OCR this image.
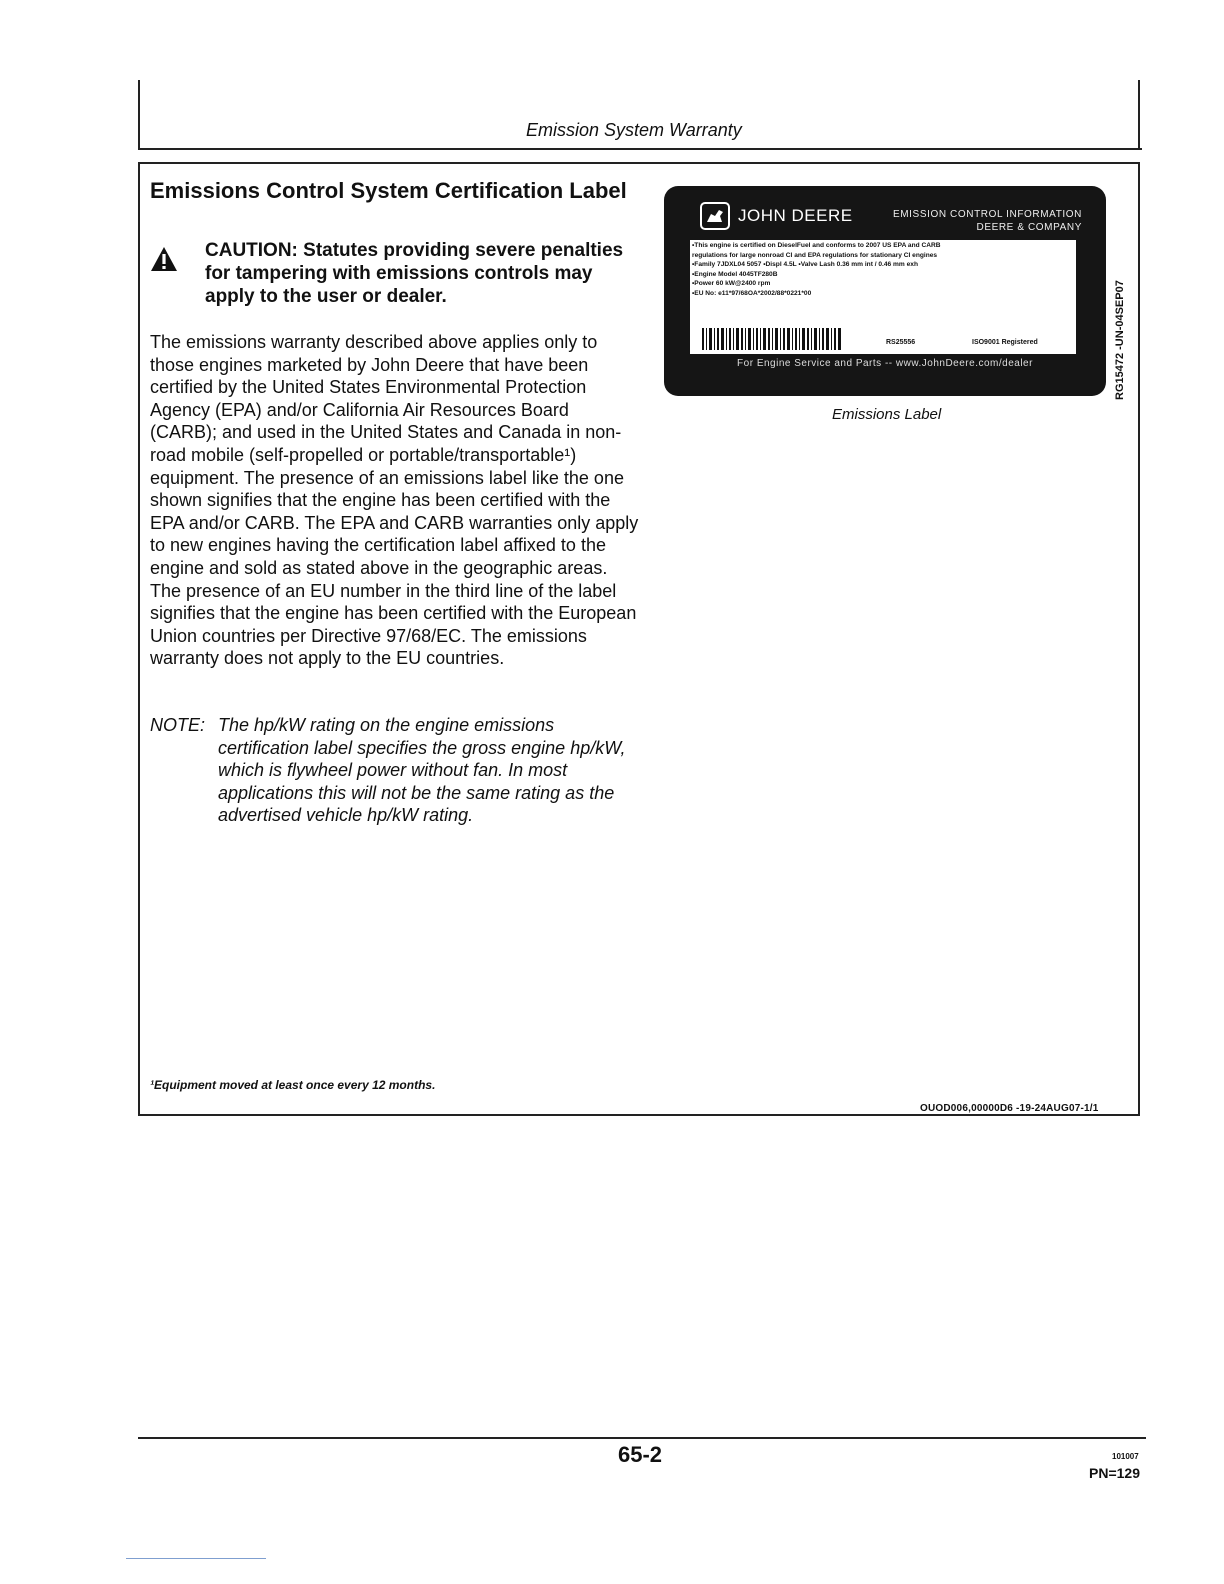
Emission System Warranty
Emissions Control System Certification Label
CAUTION: Statutes providing severe penalties for tampering with emissions controls may apply to the user or dealer.
The emissions warranty described above applies only to those engines marketed by John Deere that have been certified by the United States Environmental Protection Agency (EPA) and/or California Air Resources Board (CARB); and used in the United States and Canada in non-road mobile (self-propelled or portable/transportable¹) equipment. The presence of an emissions label like the one shown signifies that the engine has been certified with the EPA and/or CARB. The EPA and CARB warranties only apply to new engines having the certification label affixed to the engine and sold as stated above in the geographic areas. The presence of an EU number in the third line of the label signifies that the engine has been certified with the European Union countries per Directive 97/68/EC. The emissions warranty does not apply to the EU countries.
NOTE: The hp/kW rating on the engine emissions certification label specifies the gross engine hp/kW, which is flywheel power without fan. In most applications this will not be the same rating as the advertised vehicle hp/kW rating.
¹Equipment moved at least once every 12 months.
OUOD006,00000D6 -19-24AUG07-1/1
JOHN DEERE	EMISSION CONTROL INFORMATION
DEERE & COMPANY
•This engine is certified on DieselFuel and conforms to 2007 US EPA and CARB
regulations for large nonroad CI and EPA regulations for stationary CI engines
•Family 7JDXL04 5057 •Displ 4.5L •Valve Lash 0.36 mm int / 0.46 mm exh
•Engine Model 4045TF280B
•Power 60 kW@2400 rpm
•EU No: e11*97/68OA*2002/88*0221*00
RS25556	ISO9001 Registered
For Engine Service and Parts -- www.JohnDeere.com/dealer
Emissions Label
RG15472 -UN-04SEP07
65-2	101007
PN=129
